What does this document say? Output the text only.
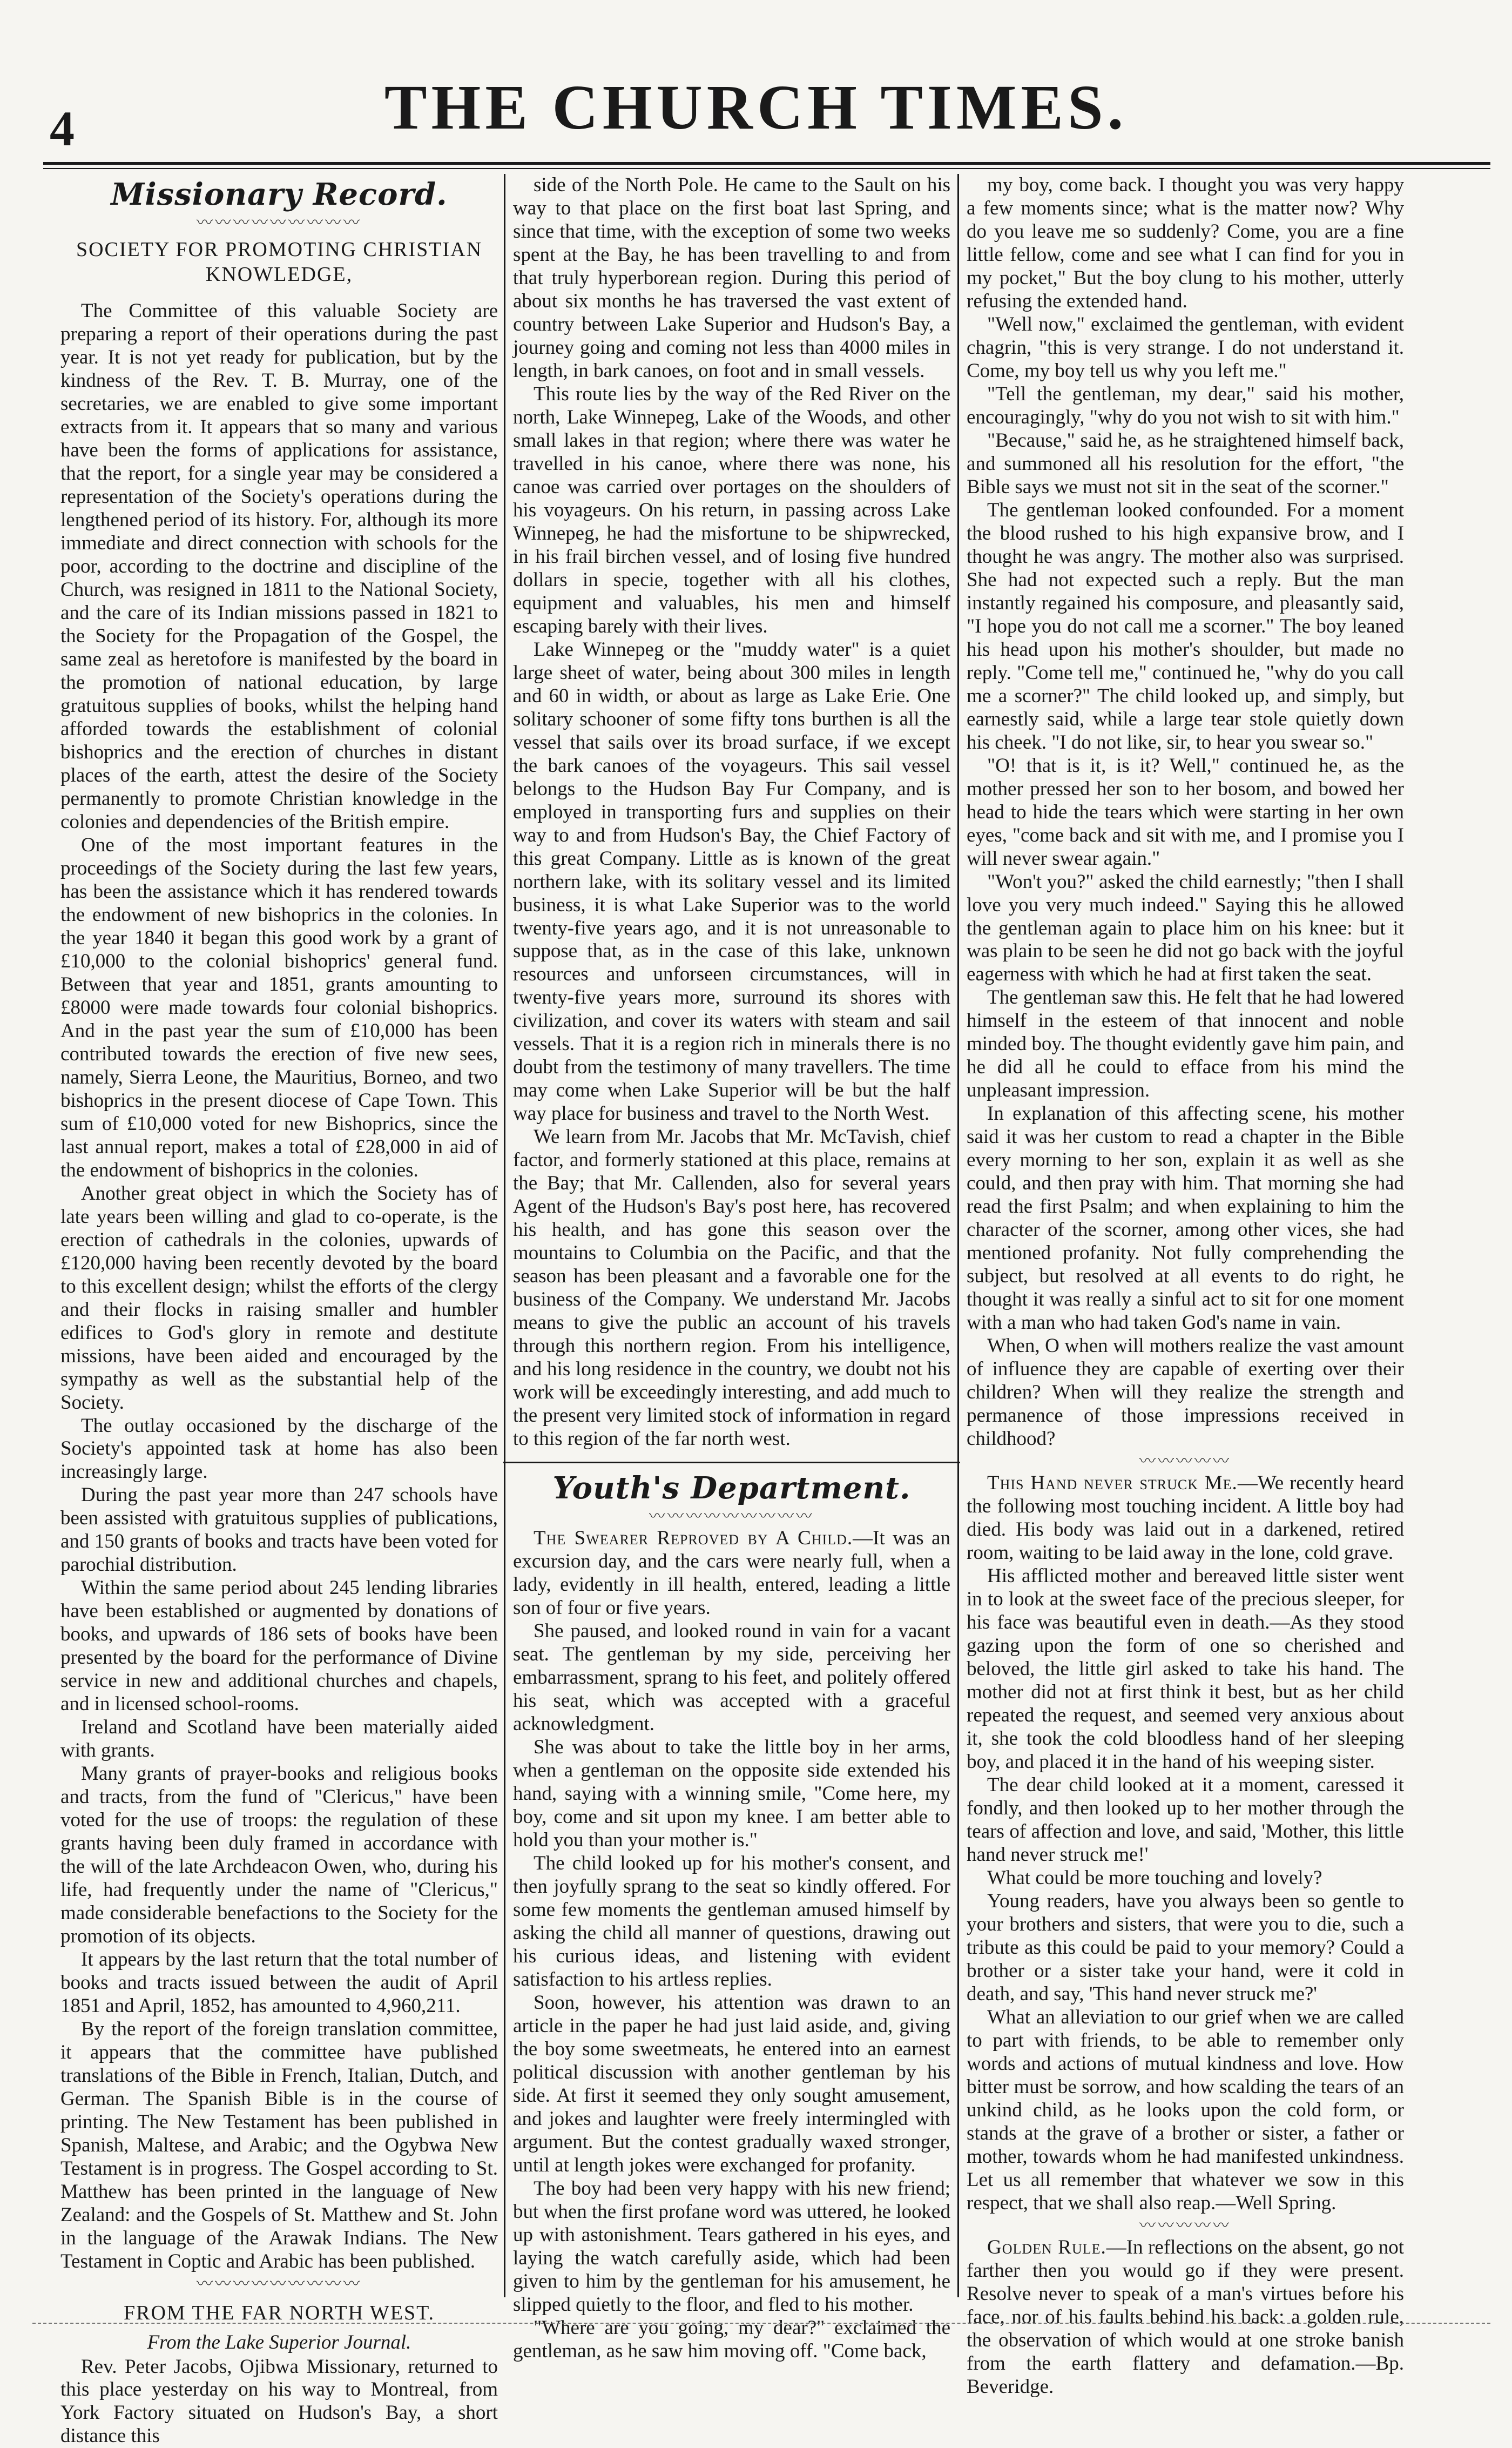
4	THE CHURCH TIMES.
Missionary Record.
〰〰〰〰〰〰〰〰〰
SOCIETY FOR PROMOTING CHRISTIAN KNOWLEDGE,

The Committee of this valuable Society are preparing a report of their operations during the past year. It is not yet ready for publication, but by the kindness of the Rev. T. B. Murray, one of the secretaries, we are enabled to give some important extracts from it. It appears that so many and various have been the forms of applications for assistance, that the report, for a single year may be considered a representation of the Society's operations during the lengthened period of its history. For, although its more immediate and direct connection with schools for the poor, according to the doctrine and discipline of the Church, was resigned in 1811 to the National Society, and the care of its Indian missions passed in 1821 to the Society for the Propagation of the Gospel, the same zeal as heretofore is manifested by the board in the promotion of national education, by large gratuitous supplies of books, whilst the helping hand afforded towards the establishment of colonial bishoprics and the erection of churches in distant places of the earth, attest the desire of the Society permanently to promote Christian knowledge in the colonies and dependencies of the British empire.

One of the most important features in the proceedings of the Society during the last few years, has been the assistance which it has rendered towards the endowment of new bishoprics in the colonies. In the year 1840 it began this good work by a grant of £10,000 to the colonial bishoprics' general fund. Between that year and 1851, grants amounting to £8000 were made towards four colonial bishoprics. And in the past year the sum of £10,000 has been contributed towards the erection of five new sees, namely, Sierra Leone, the Mauritius, Borneo, and two bishoprics in the present diocese of Cape Town. This sum of £10,000 voted for new Bishoprics, since the last annual report, makes a total of £28,000 in aid of the endowment of bishoprics in the colonies.

Another great object in which the Society has of late years been willing and glad to co-operate, is the erection of cathedrals in the colonies, upwards of £120,000 having been recently devoted by the board to this excellent design; whilst the efforts of the clergy and their flocks in raising smaller and humbler edifices to God's glory in remote and destitute missions, have been aided and encouraged by the sympathy as well as the substantial help of the Society.

The outlay occasioned by the discharge of the Society's appointed task at home has also been increasingly large.

During the past year more than 247 schools have been assisted with gratuitous supplies of publications, and 150 grants of books and tracts have been voted for parochial distribution.

Within the same period about 245 lending libraries have been established or augmented by donations of books, and upwards of 186 sets of books have been presented by the board for the performance of Divine service in new and additional churches and chapels, and in licensed school-rooms.

Ireland and Scotland have been materially aided with grants.

Many grants of prayer-books and religious books and tracts, from the fund of "Clericus," have been voted for the use of troops: the regulation of these grants having been duly framed in accordance with the will of the late Archdeacon Owen, who, during his life, had frequently under the name of "Clericus," made considerable benefactions to the Society for the promotion of its objects.

It appears by the last return that the total number of books and tracts issued between the audit of April 1851 and April, 1852, has amounted to 4,960,211.

By the report of the foreign translation committee, it appears that the committee have published translations of the Bible in French, Italian, Dutch, and German. The Spanish Bible is in the course of printing. The New Testament has been published in Spanish, Maltese, and Arabic; and the Ogybwa New Testament is in progress. The Gospel according to St. Matthew has been printed in the language of New Zealand: and the Gospels of St. Matthew and St. John in the language of the Arawak Indians. The New Testament in Coptic and Arabic has been published.

〰〰〰〰〰〰〰〰〰
FROM THE FAR NORTH WEST.
From the Lake Superior Journal.

Rev. Peter Jacobs, Ojibwa Missionary, returned to this place yesterday on his way to Montreal, from York Factory situated on Hudson's Bay, a short distance this

side of the North Pole. He came to the Sault on his way to that place on the first boat last Spring, and since that time, with the exception of some two weeks spent at the Bay, he has been travelling to and from that truly hyperborean region. During this period of about six months he has traversed the vast extent of country between Lake Superior and Hudson's Bay, a journey going and coming not less than 4000 miles in length, in bark canoes, on foot and in small vessels.

This route lies by the way of the Red River on the north, Lake Winnepeg, Lake of the Woods, and other small lakes in that region; where there was water he travelled in his canoe, where there was none, his canoe was carried over portages on the shoulders of his voyageurs. On his return, in passing across Lake Winnepeg, he had the misfortune to be shipwrecked, in his frail birchen vessel, and of losing five hundred dollars in specie, together with all his clothes, equipment and valuables, his men and himself escaping barely with their lives.

Lake Winnepeg or the "muddy water" is a quiet large sheet of water, being about 300 miles in length and 60 in width, or about as large as Lake Erie. One solitary schooner of some fifty tons burthen is all the vessel that sails over its broad surface, if we except the bark canoes of the voyageurs. This sail vessel belongs to the Hudson Bay Fur Company, and is employed in transporting furs and supplies on their way to and from Hudson's Bay, the Chief Factory of this great Company. Little as is known of the great northern lake, with its solitary vessel and its limited business, it is what Lake Superior was to the world twenty-five years ago, and it is not unreasonable to suppose that, as in the case of this lake, unknown resources and unforseen circumstances, will in twenty-five years more, surround its shores with civilization, and cover its waters with steam and sail vessels. That it is a region rich in minerals there is no doubt from the testimony of many travellers. The time may come when Lake Superior will be but the half way place for business and travel to the North West.

We learn from Mr. Jacobs that Mr. McTavish, chief factor, and formerly stationed at this place, remains at the Bay; that Mr. Callenden, also for several years Agent of the Hudson's Bay's post here, has recovered his health, and has gone this season over the mountains to Columbia on the Pacific, and that the season has been pleasant and a favorable one for the business of the Company. We understand Mr. Jacobs means to give the public an account of his travels through this northern region. From his intelligence, and his long residence in the country, we doubt not his work will be exceedingly interesting, and add much to the present very limited stock of information in regard to this region of the far north west.

Youth's Department.
〰〰〰〰〰〰〰〰〰

The Swearer Reproved by A Child.—It was an excursion day, and the cars were nearly full, when a lady, evidently in ill health, entered, leading a little son of four or five years.

She paused, and looked round in vain for a vacant seat. The gentleman by my side, perceiving her embarrassment, sprang to his feet, and politely offered his seat, which was accepted with a graceful acknowledgment.

She was about to take the little boy in her arms, when a gentleman on the opposite side extended his hand, saying with a winning smile, "Come here, my boy, come and sit upon my knee. I am better able to hold you than your mother is."

The child looked up for his mother's consent, and then joyfully sprang to the seat so kindly offered. For some few moments the gentleman amused himself by asking the child all manner of questions, drawing out his curious ideas, and listening with evident satisfaction to his artless replies.

Soon, however, his attention was drawn to an article in the paper he had just laid aside, and, giving the boy some sweetmeats, he entered into an earnest political discussion with another gentleman by his side. At first it seemed they only sought amusement, and jokes and laughter were freely intermingled with argument. But the contest gradually waxed stronger, until at length jokes were exchanged for profanity.

The boy had been very happy with his new friend; but when the first profane word was uttered, he looked up with astonishment. Tears gathered in his eyes, and laying the watch carefully aside, which had been given to him by the gentleman for his amusement, he slipped quietly to the floor, and fled to his mother.

"Where are you going, my dear?" exclaimed the gentleman, as he saw him moving off. "Come back,

my boy, come back. I thought you was very happy a few moments since; what is the matter now? Why do you leave me so suddenly? Come, you are a fine little fellow, come and see what I can find for you in my pocket," But the boy clung to his mother, utterly refusing the extended hand.

"Well now," exclaimed the gentleman, with evident chagrin, "this is very strange. I do not understand it. Come, my boy tell us why you left me."

"Tell the gentleman, my dear," said his mother, encouragingly, "why do you not wish to sit with him."

"Because," said he, as he straightened himself back, and summoned all his resolution for the effort, "the Bible says we must not sit in the seat of the scorner."

The gentleman looked confounded. For a moment the blood rushed to his high expansive brow, and I thought he was angry. The mother also was surprised. She had not expected such a reply. But the man instantly regained his composure, and pleasantly said, "I hope you do not call me a scorner." The boy leaned his head upon his mother's shoulder, but made no reply. "Come tell me," continued he, "why do you call me a scorner?" The child looked up, and simply, but earnestly said, while a large tear stole quietly down his cheek. "I do not like, sir, to hear you swear so."

"O! that is it, is it? Well," continued he, as the mother pressed her son to her bosom, and bowed her head to hide the tears which were starting in her own eyes, "come back and sit with me, and I promise you I will never swear again."

"Won't you?" asked the child earnestly; "then I shall love you very much indeed." Saying this he allowed the gentleman again to place him on his knee: but it was plain to be seen he did not go back with the joyful eagerness with which he had at first taken the seat.

The gentleman saw this. He felt that he had lowered himself in the esteem of that innocent and noble minded boy. The thought evidently gave him pain, and he did all he could to efface from his mind the unpleasant impression.

In explanation of this affecting scene, his mother said it was her custom to read a chapter in the Bible every morning to her son, explain it as well as she could, and then pray with him. That morning she had read the first Psalm; and when explaining to him the character of the scorner, among other vices, she had mentioned profanity. Not fully comprehending the subject, but resolved at all events to do right, he thought it was really a sinful act to sit for one moment with a man who had taken God's name in vain.

When, O when will mothers realize the vast amount of influence they are capable of exerting over their children? When will they realize the strength and permanence of those impressions received in childhood?

〰〰〰〰〰

This Hand never struck Me.—We recently heard the following most touching incident. A little boy had died. His body was laid out in a darkened, retired room, waiting to be laid away in the lone, cold grave.

His afflicted mother and bereaved little sister went in to look at the sweet face of the precious sleeper, for his face was beautiful even in death.—As they stood gazing upon the form of one so cherished and beloved, the little girl asked to take his hand. The mother did not at first think it best, but as her child repeated the request, and seemed very anxious about it, she took the cold bloodless hand of her sleeping boy, and placed it in the hand of his weeping sister.

The dear child looked at it a moment, caressed it fondly, and then looked up to her mother through the tears of affection and love, and said, 'Mother, this little hand never struck me!'

What could be more touching and lovely?

Young readers, have you always been so gentle to your brothers and sisters, that were you to die, such a tribute as this could be paid to your memory? Could a brother or a sister take your hand, were it cold in death, and say, 'This hand never struck me?'

What an alleviation to our grief when we are called to part with friends, to be able to remember only words and actions of mutual kindness and love. How bitter must be sorrow, and how scalding the tears of an unkind child, as he looks upon the cold form, or stands at the grave of a brother or sister, a father or mother, towards whom he had manifested unkindness. Let us all remember that whatever we sow in this respect, that we shall also reap.—Well Spring.

〰〰〰〰〰

Golden Rule.—In reflections on the absent, go not farther then you would go if they were present. Resolve never to speak of a man's virtues before his face, nor of his faults behind his back: a golden rule, the observation of which would at one stroke banish from the earth flattery and defamation.—Bp. Beveridge.
